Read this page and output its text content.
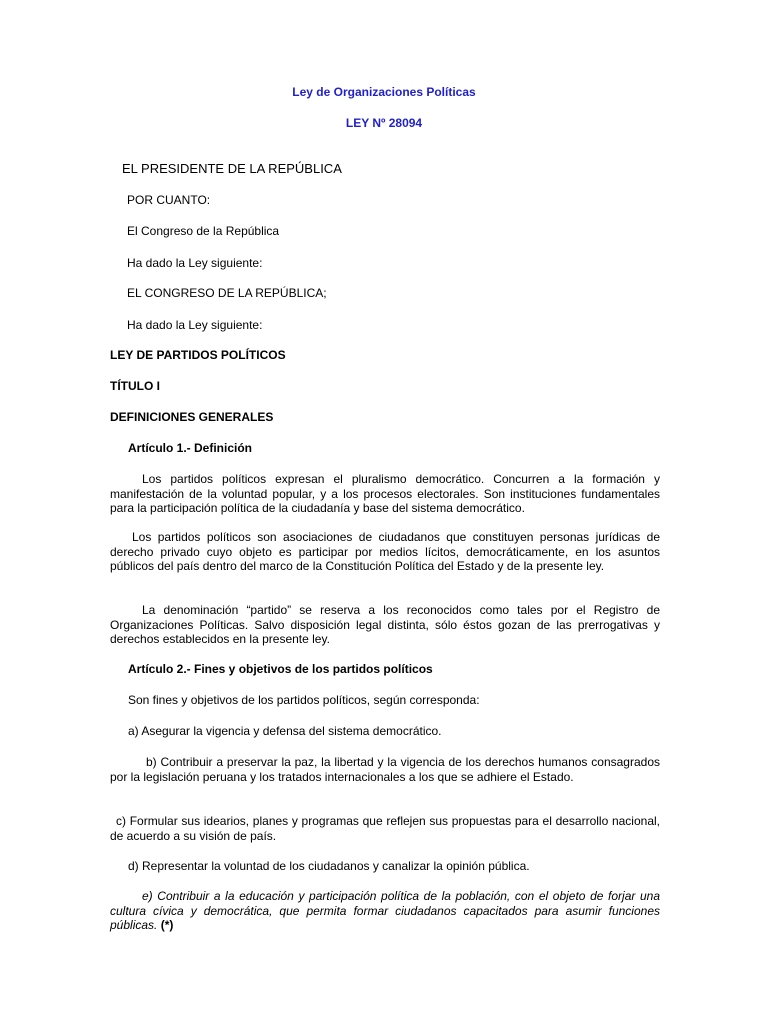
Ley de Organizaciones Políticas
LEY Nº 28094
EL PRESIDENTE DE LA REPÚBLICA
POR CUANTO:
El Congreso de la República
Ha dado la Ley siguiente:
EL CONGRESO DE LA REPÚBLICA;
Ha dado la Ley siguiente:
LEY DE PARTIDOS POLÍTICOS
TÍTULO I
DEFINICIONES GENERALES
Artículo 1.- Definición

Los partidos políticos expresan el pluralismo democrático. Concurren a la formación y manifestación de la voluntad popular, y a los procesos electorales. Son instituciones fundamentales para la participación política de la ciudadanía y base del sistema democrático.

Los partidos políticos son asociaciones de ciudadanos que constituyen personas jurídicas de derecho privado cuyo objeto es participar por medios lícitos, democráticamente, en los asuntos públicos del país dentro del marco de la Constitución Política del Estado y de la presente ley.

La denominación “partido” se reserva a los reconocidos como tales por el Registro de Organizaciones Políticas. Salvo disposición legal distinta, sólo éstos gozan de las prerrogativas y derechos establecidos en la presente ley.

Artículo 2.- Fines y objetivos de los partidos políticos
Son fines y objetivos de los partidos políticos, según corresponda:
a) Asegurar la vigencia y defensa del sistema democrático.

b) Contribuir a preservar la paz, la libertad y la vigencia de los derechos humanos consagrados por la legislación peruana y los tratados internacionales a los que se adhiere el Estado.

c) Formular sus idearios, planes y programas que reflejen sus propuestas para el desarrollo nacional, de acuerdo a su visión de país.

d) Representar la voluntad de los ciudadanos y canalizar la opinión pública.

e) Contribuir a la educación y participación política de la población, con el objeto de forjar una cultura cívica y democrática, que permita formar ciudadanos capacitados para asumir funciones públicas. (*)
